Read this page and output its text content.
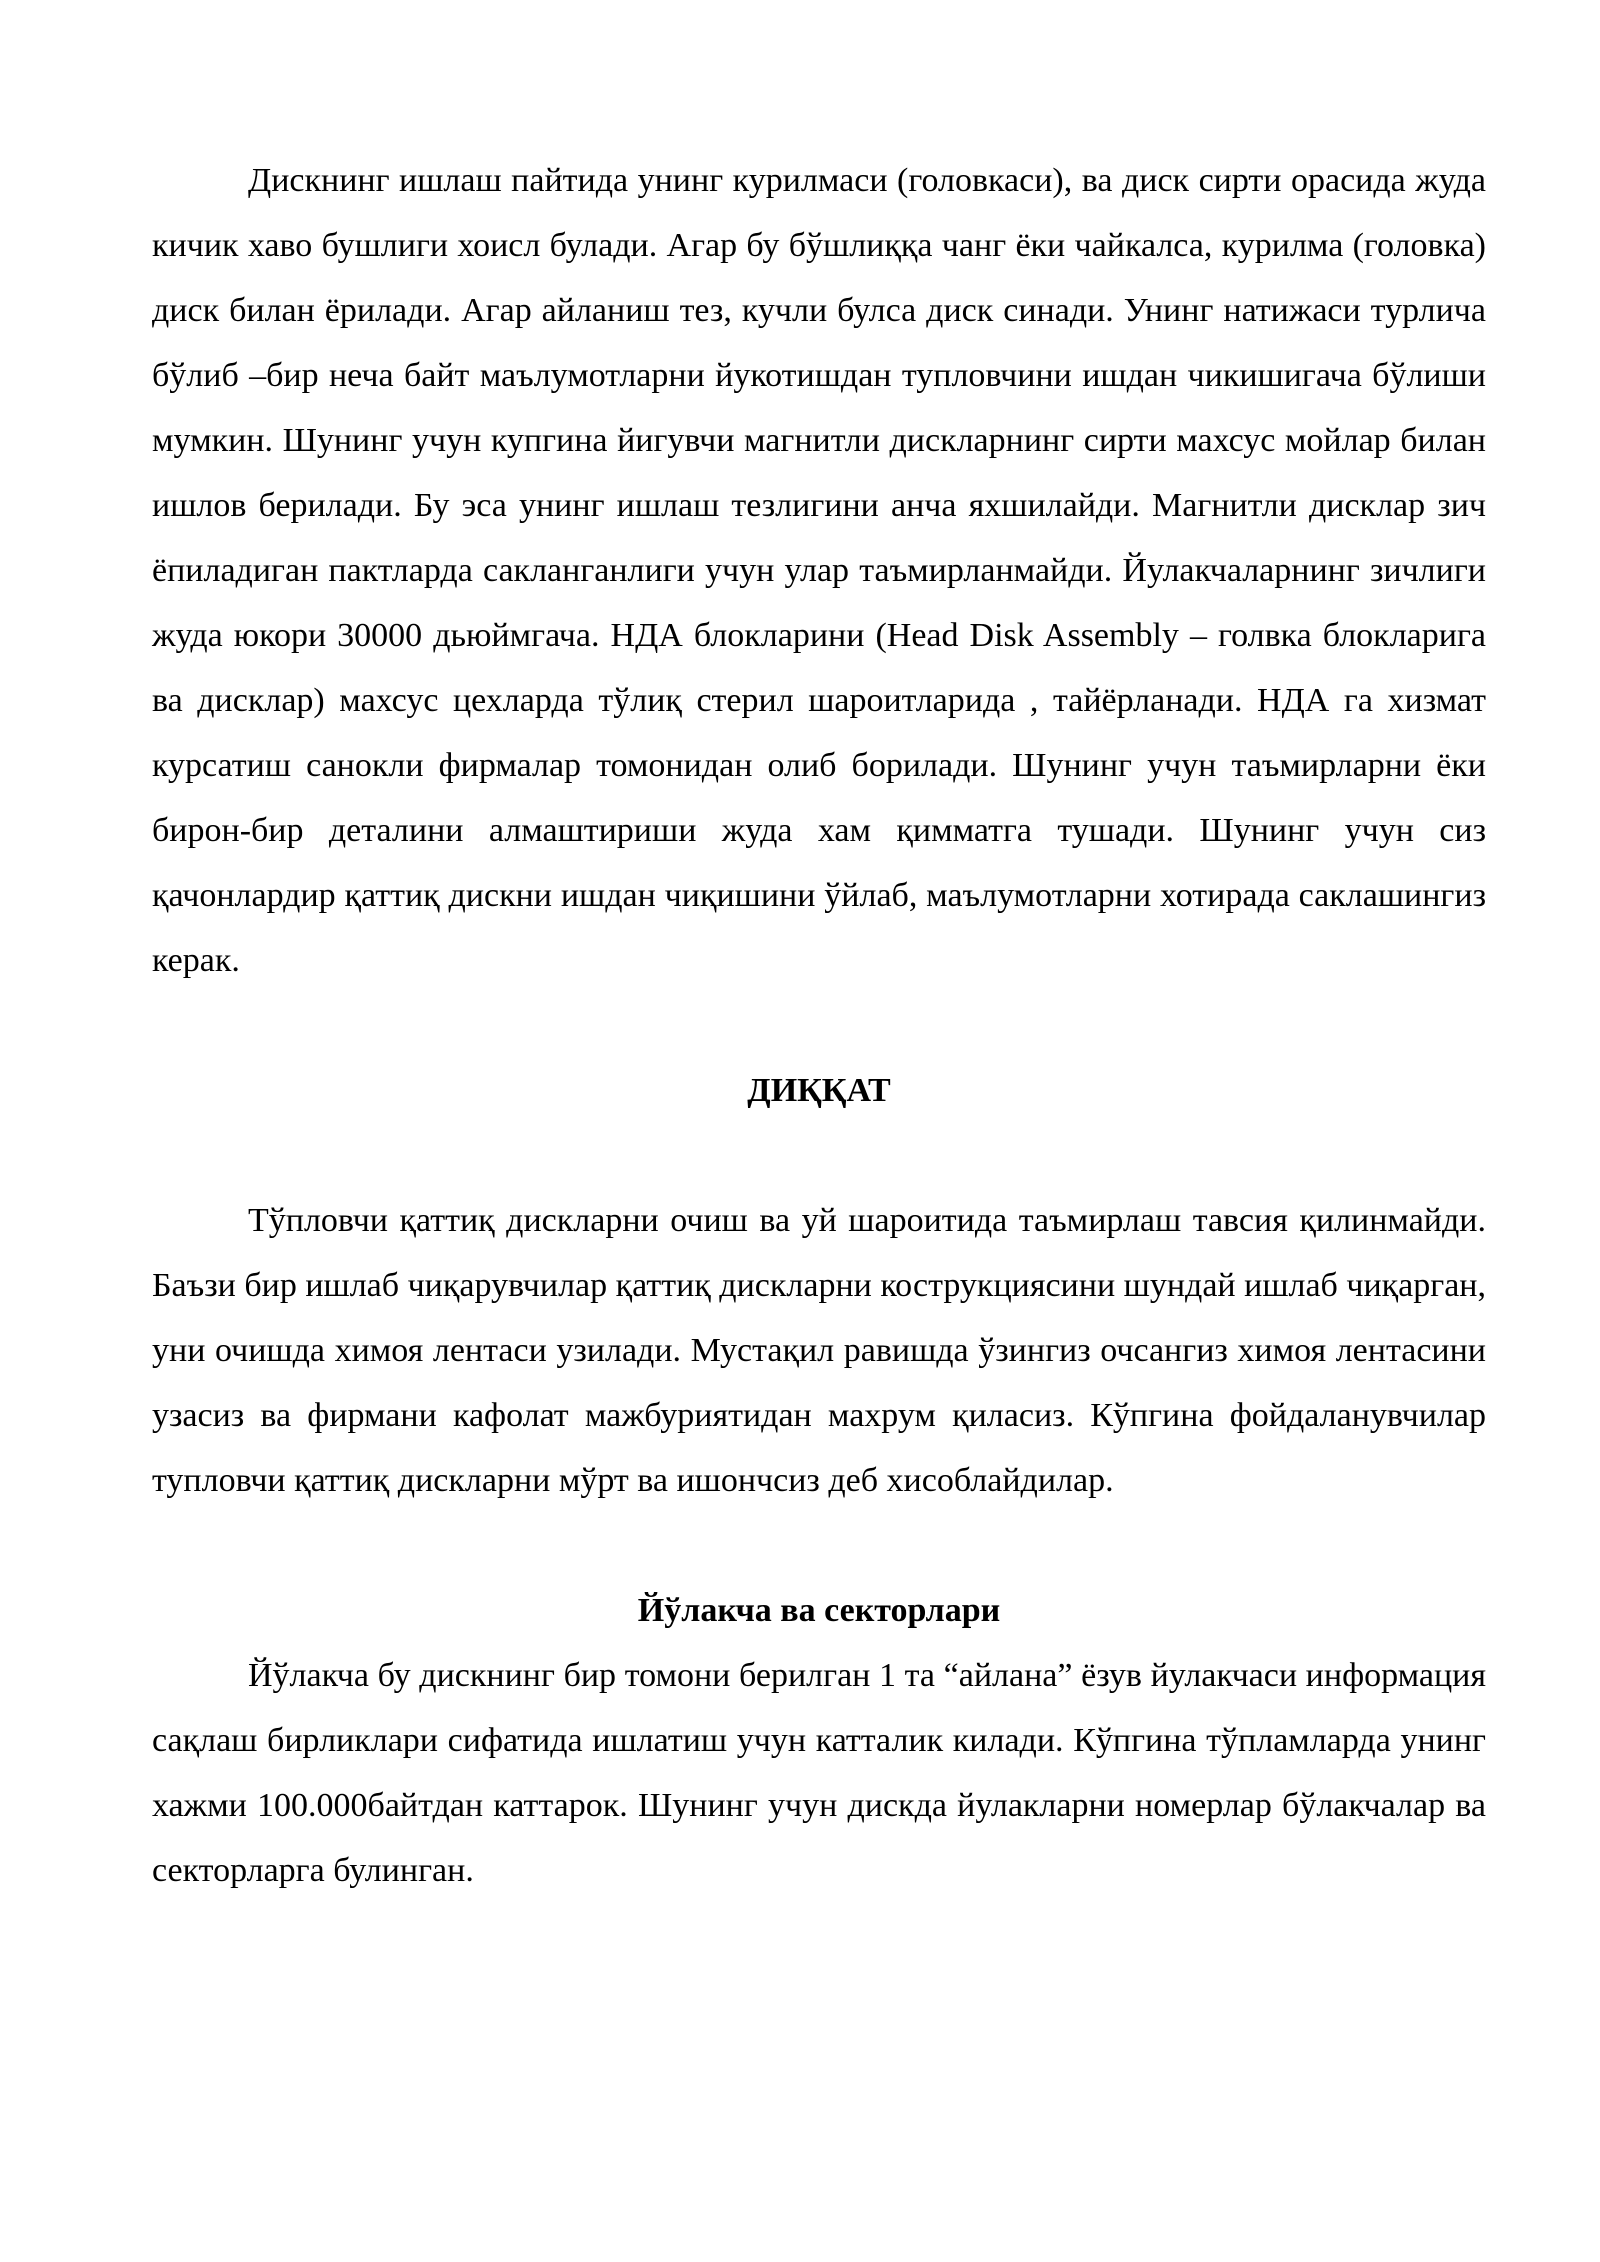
Дискнинг ишлаш пайтида унинг курилмаси (головкаси), ва диск сирти орасида жуда кичик хаво бушлиги хоисл булади. Агар бу бўшлиққа чанг ёки чайкалса, курилма (головка) диск билан ёрилади. Агар айланиш тез, кучли булса диск синади. Унинг натижаси турлича бўлиб –бир неча байт маълумотларни йукотишдан тупловчини ишдан чикишигача бўлиши мумкин. Шунинг учун купгина йигувчи магнитли дискларнинг сирти махсус мойлар билан ишлов берилади. Бу эса унинг ишлаш тезлигини анча яхшилайди. Магнитли дисклар зич ёпиладиган пактларда сакланганлиги учун улар таъмирланмайди. Йулакчаларнинг зичлиги жуда юкори 30000 дьюймгача. НДА блокларини (Head Disk Assembly – голвка блокларига ва дисклар) махсус цехларда тўлиқ стерил шароитларида , тайёрланади. НДА га хизмат курсатиш санокли фирмалар томонидан олиб борилади. Шунинг учун таъмирларни ёки бирон-бир деталини алмаштириши жуда хам қимматга тушади. Шунинг учун сиз қачонлардир қаттиқ дискни ишдан чиқишини ўйлаб, маълумотларни хотирада саклашингиз керак.

ДИҚҚАТ

Тўпловчи қаттиқ дискларни очиш ва уй шароитида таъмирлаш тавсия қилинмайди. Баъзи бир ишлаб чиқарувчилар қаттиқ дискларни кострукциясини шундай ишлаб чиқарган, уни очишда химоя лентаси узилади. Мустақил равишда ўзингиз очсангиз химоя лентасини узасиз ва фирмани кафолат мажбуриятидан махрум қиласиз. Кўпгина фойдаланувчилар тупловчи қаттиқ дискларни мўрт ва ишончсиз деб хисоблайдилар.

Йўлакча ва секторлари

Йўлакча бу дискнинг бир томони берилган 1 та “айлана” ёзув йулакчаси информация сақлаш бирликлари сифатида ишлатиш учун катталик килади. Кўпгина тўпламларда унинг хажми 100.000байтдан каттарок. Шунинг учун дискда йулакларни номерлар бўлакчалар ва секторларга булинган.
